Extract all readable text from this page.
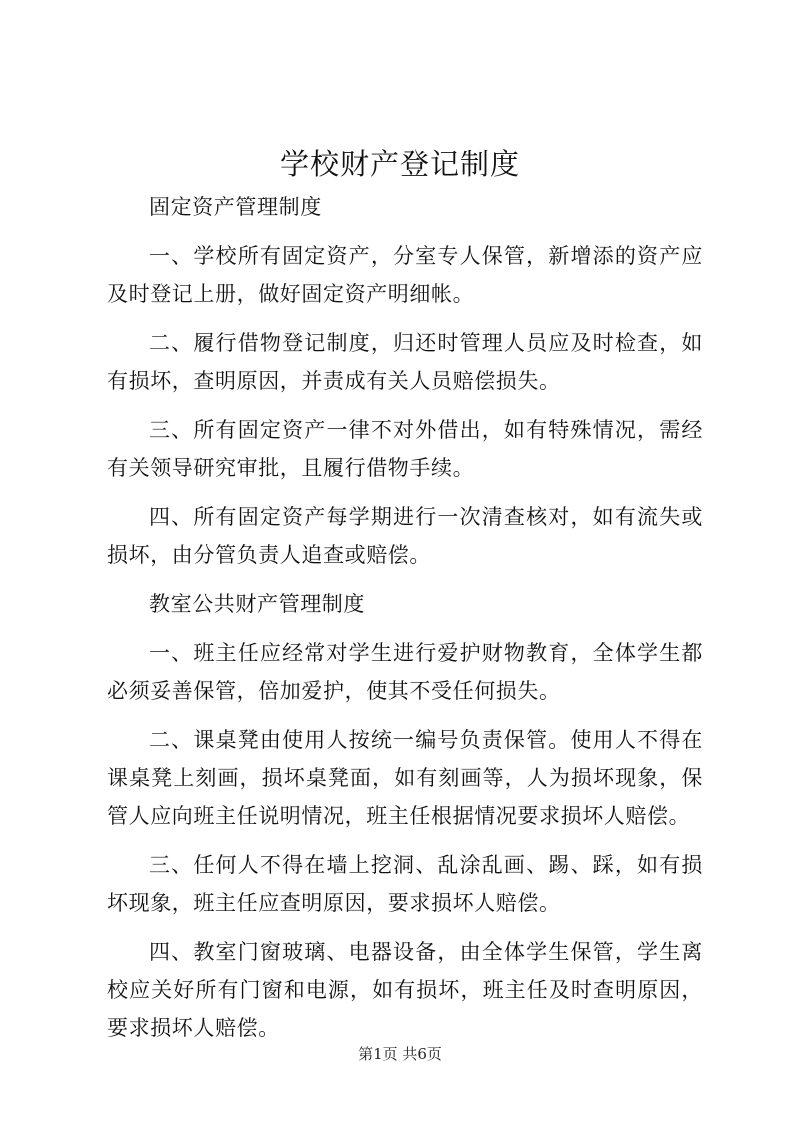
学校财产登记制度

固定资产管理制度

一、学校所有固定资产，分室专人保管，新增添的资产应及时登记上册，做好固定资产明细帐。

二、履行借物登记制度，归还时管理人员应及时检查，如有损坏，查明原因，并责成有关人员赔偿损失。

三、所有固定资产一律不对外借出，如有特殊情况，需经有关领导研究审批，且履行借物手续。

四、所有固定资产每学期进行一次清查核对，如有流失或损坏，由分管负责人追查或赔偿。

教室公共财产管理制度

一、班主任应经常对学生进行爱护财物教育，全体学生都必须妥善保管，倍加爱护，使其不受任何损失。

二、课桌凳由使用人按统一编号负责保管。使用人不得在课桌凳上刻画，损坏桌凳面，如有刻画等，人为损坏现象，保管人应向班主任说明情况，班主任根据情况要求损坏人赔偿。

三、任何人不得在墙上挖洞、乱涂乱画、踢、踩，如有损坏现象，班主任应查明原因，要求损坏人赔偿。

四、教室门窗玻璃、电器设备，由全体学生保管，学生离校应关好所有门窗和电源，如有损坏，班主任及时查明原因，要求损坏人赔偿。

第1页 共6页
